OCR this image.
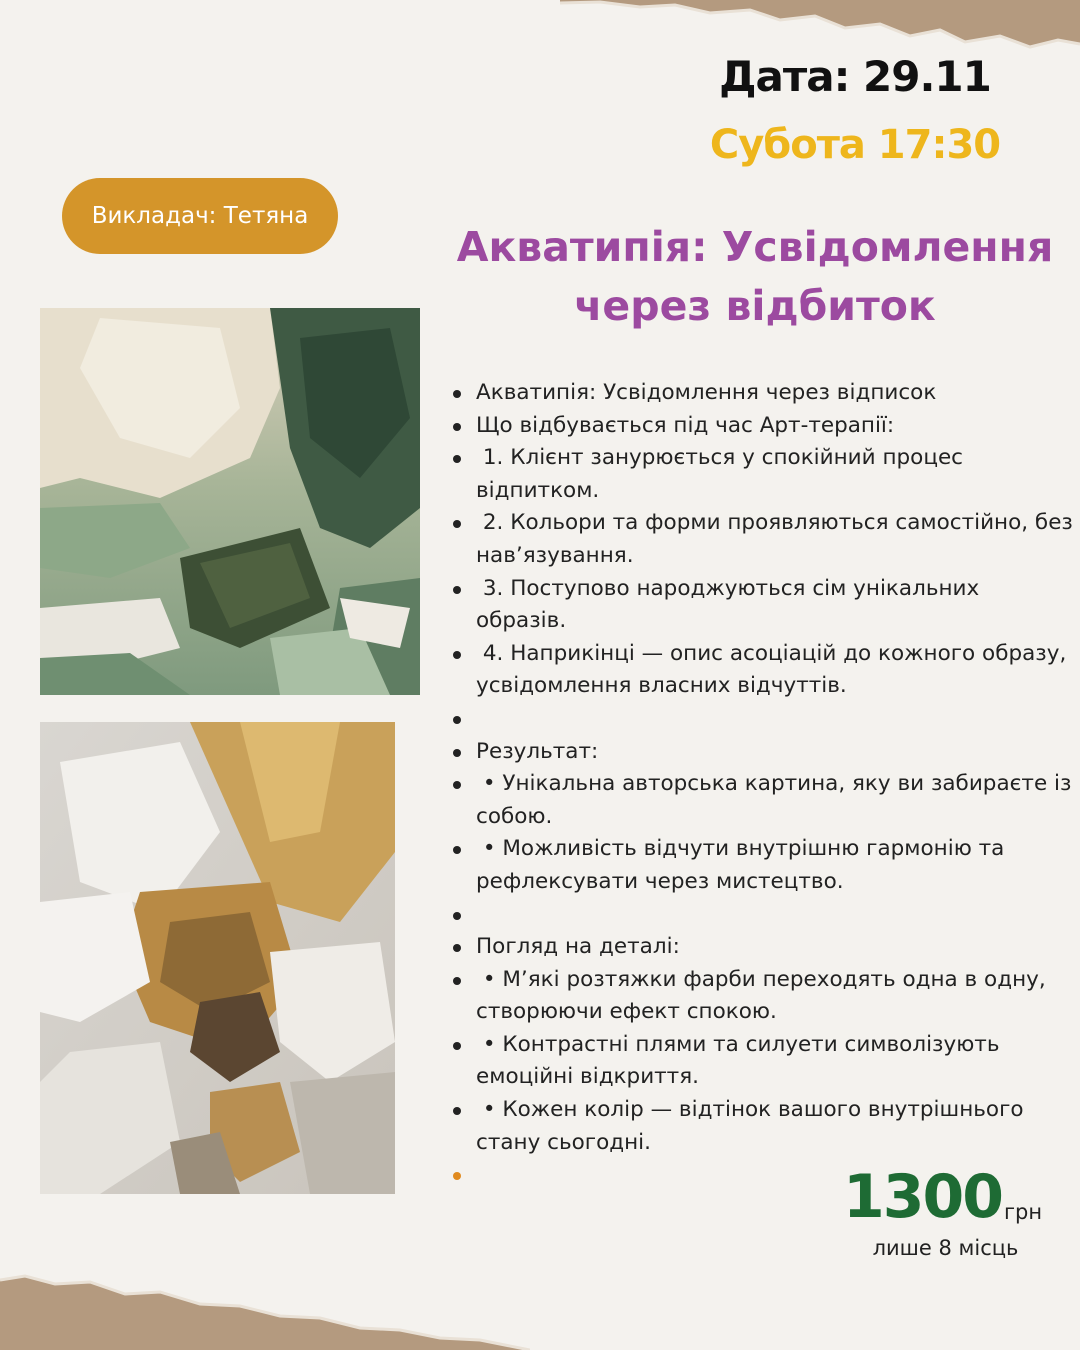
Дата: 29.11
Субота 17:30
Викладач: Тетяна
Акватипія: Усвідомлення через відбиток
Акватипія: Усвідомлення через відписок
Що відбувається під час Арт-терапії:
1. Клієнт занурюється у спокійний процес відпитком.
2. Кольори та форми проявляються самостійно, без нав’язування.
3. Поступово народжуються сім унікальних образів.
4. Наприкінці — опис асоціацій до кожного образу, усвідомлення власних відчуттів.

Результат:
• Унікальна авторська картина, яку ви забираєте із собою.
• Можливість відчути внутрішню гармонію та рефлексувати через мистецтво.

Погляд на деталі:
• М’які розтяжки фарби переходять одна в одну, створюючи ефект спокою.
• Контрастні плями та силуети символізують емоційні відкриття.
• Кожен колір — відтінок вашого внутрішнього стану сьогодні.

1300 грн
лише 8 місць
